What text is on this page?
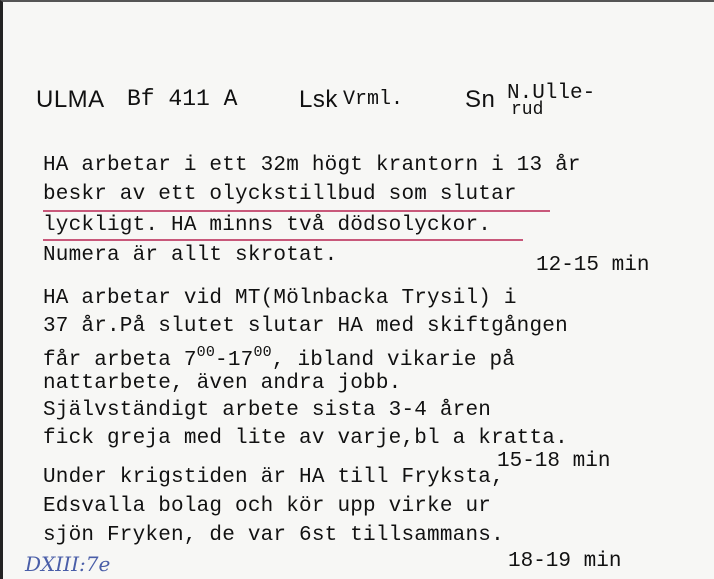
ULMA Bf 411 A	Lsk Vrml.	Sn N.Ulle-
rud
HA arbetar i ett 32m högt krantorn i 13 år
beskr av ett olyckstillbud som slutar
lyckligt. HA minns två dödsolyckor.
Numera är allt skrotat.	12-15 min
HA arbetar vid MT(Mölnbacka Trysil) i
37 år.På slutet slutar HA med skiftgången
får arbeta $7^{00}-17^{00}$, ibland vikarie på
nattarbete, även andra jobb.
Självständigt arbete sista 3-4 åren
fick greja med lite av varje,bl a kratta.
15-18 min
Under krigstiden är HA till Fryksta,
Edsvalla bolag och kör upp virke ur
sjön Fryken, de var 6st tillsammans.
18-19 min
DXIII:7e
